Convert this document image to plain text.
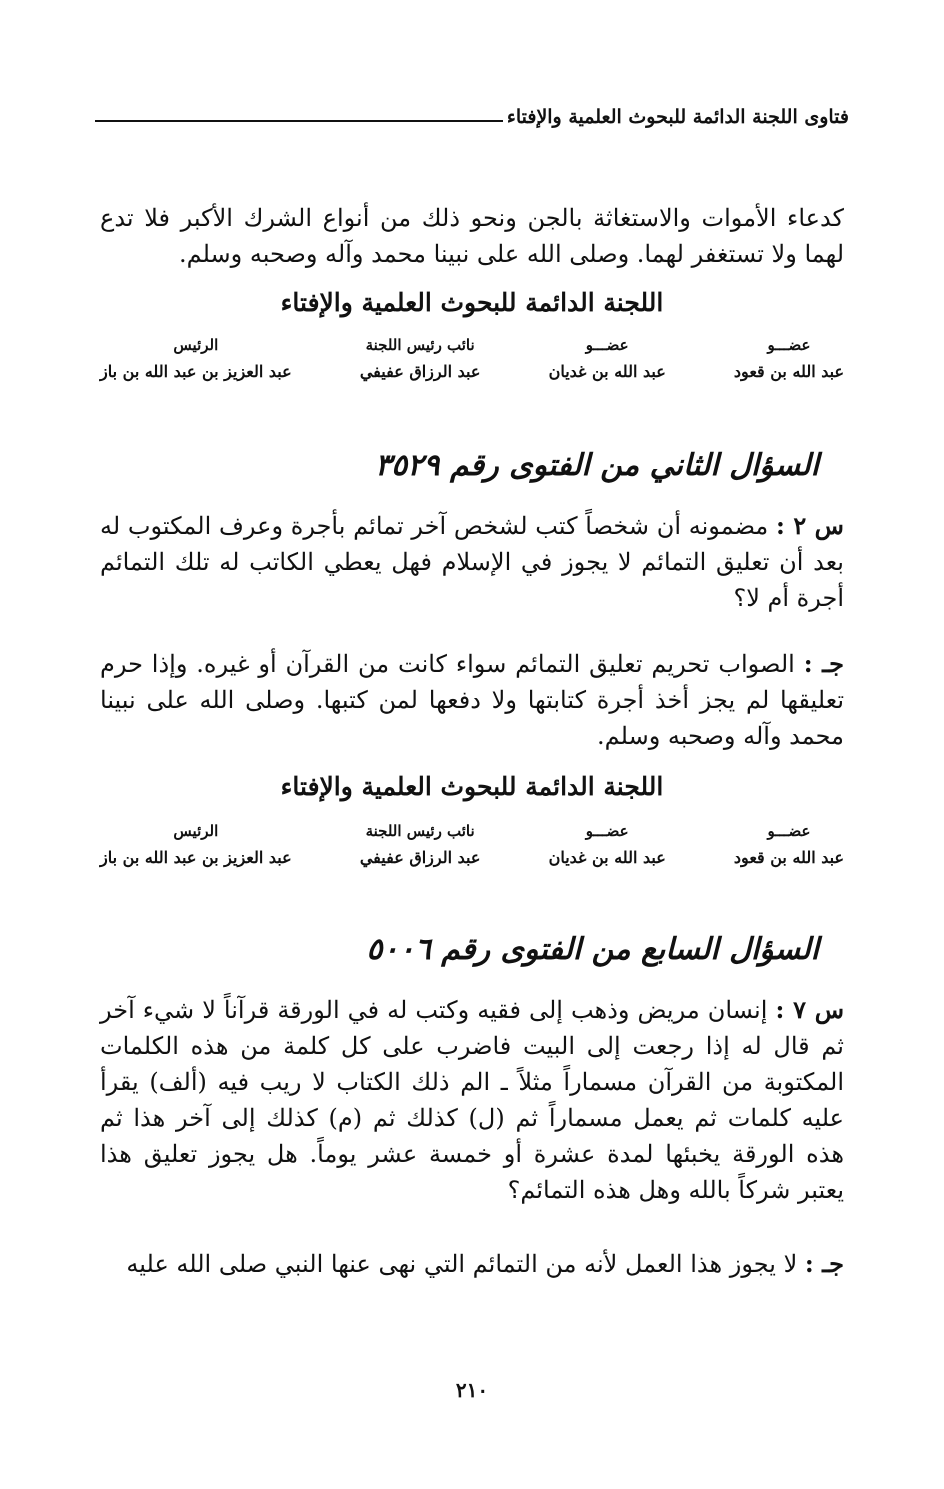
فتاوى اللجنة الدائمة للبحوث العلمية والإفتاء

كدعاء الأموات والاستغاثة بالجن ونحو ذلك من أنواع الشرك الأكبر فلا تدع لهما ولا تستغفر لهما. وصلى الله على نبينا محمد وآله وصحبه وسلم.

اللجنة الدائمة للبحوث العلمية والإفتاء
عضـــو
عبد الله بن قعود
عضـــو
عبد الله بن غديان
نائب رئيس اللجنة
عبد الرزاق عفيفي
الرئيس
عبد العزيز بن عبد الله بن باز
السؤال الثاني من الفتوى رقم ٣٥٢٩

س ٢ : مضمونه أن شخصاً كتب لشخص آخر تمائم بأجرة وعرف المكتوب له بعد أن تعليق التمائم لا يجوز في الإسلام فهل يعطي الكاتب له تلك التمائم أجرة أم لا؟

جـ : الصواب تحريم تعليق التمائم سواء كانت من القرآن أو غيره. وإذا حرم تعليقها لم يجز أخذ أجرة كتابتها ولا دفعها لمن كتبها. وصلى الله على نبينا محمد وآله وصحبه وسلم.

اللجنة الدائمة للبحوث العلمية والإفتاء
عضـــو
عبد الله بن قعود
عضـــو
عبد الله بن غديان
نائب رئيس اللجنة
عبد الرزاق عفيفي
الرئيس
عبد العزيز بن عبد الله بن باز
السؤال السابع من الفتوى رقم ٥٠٠٦

س ٧ : إنسان مريض وذهب إلى فقيه وكتب له في الورقة قرآناً لا شيء آخر ثم قال له إذا رجعت إلى البيت فاضرب على كل كلمة من هذه الكلمات المكتوبة من القرآن مسماراً مثلاً ـ الم ذلك الكتاب لا ريب فيه (ألف) يقرأ عليه كلمات ثم يعمل مسماراً ثم (ل) كذلك ثم (م) كذلك إلى آخر هذا ثم هذه الورقة يخبئها لمدة عشرة أو خمسة عشر يوماً. هل يجوز تعليق هذا يعتبر شركاً بالله وهل هذه التمائم؟

جـ : لا يجوز هذا العمل لأنه من التمائم التي نهى عنها النبي صلى الله عليه

٢١٠
